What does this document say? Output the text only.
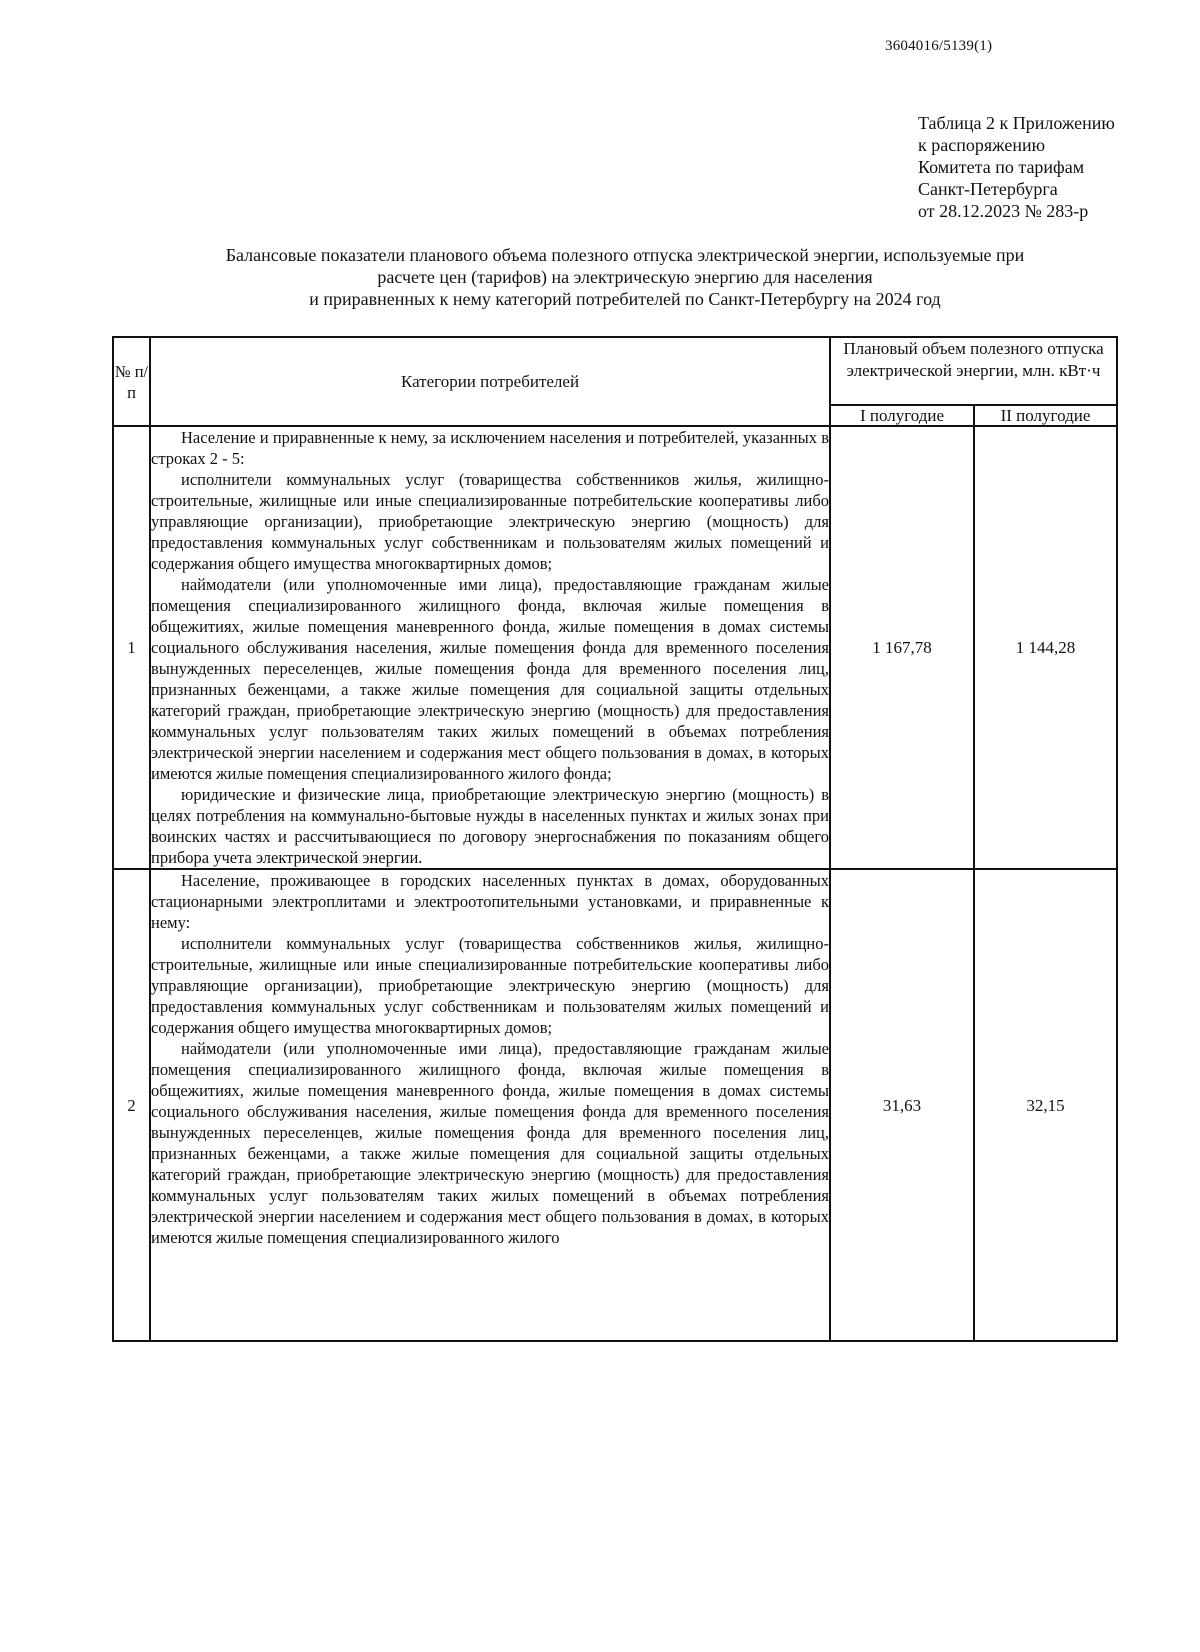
3604016/5139(1)
Таблица 2 к Приложению
к распоряжению
Комитета по тарифам
Санкт-Петербурга
от 28.12.2023 № 283-р
Балансовые показатели планового объема полезного отпуска электрической энергии, используемые при
расчете цен (тарифов) на электрическую энергию для населения
и приравненных к нему категорий потребителей по Санкт-Петербургу на 2024 год
№ п/п	Категории потребителей	Плановый объем полезного отпуска электрической энергии, млн. кВт·ч	
		I полугодие	II полугодие
1	Население и приравненные к нему, за исключением населения и потребителей, указанных в строках 2 - 5:
исполнители коммунальных услуг (товарищества собственников жилья, жилищно-строительные, жилищные или иные специализированные потребительские кооперативы либо управляющие организации), приобретающие электрическую энергию (мощность) для предоставления коммунальных услуг собственникам и пользователям жилых помещений и содержания общего имущества многоквартирных домов;
наймодатели (или уполномоченные ими лица), предоставляющие гражданам жилые помещения специализированного жилищного фонда, включая жилые помещения в общежитиях, жилые помещения маневренного фонда, жилые помещения в домах системы социального обслуживания населения, жилые помещения фонда для временного поселения вынужденных переселенцев, жилые помещения фонда для временного поселения лиц, признанных беженцами, а также жилые помещения для социальной защиты отдельных категорий граждан, приобретающие электрическую энергию (мощность) для предоставления коммунальных услуг пользователям таких жилых помещений в объемах потребления электрической энергии населением и содержания мест общего пользования в домах, в которых имеются жилые помещения специализированного жилого фонда;
юридические и физические лица, приобретающие электрическую энергию (мощность) в целях потребления на коммунально-бытовые нужды в населенных пунктах и жилых зонах при воинских частях и рассчитывающиеся по договору энергоснабжения по показаниям общего прибора учета электрической энергии.	1 167,78	1 144,28
2	Население, проживающее в городских населенных пунктах в домах, оборудованных стационарными электроплитами и электроотопительными установками, и приравненные к нему:
исполнители коммунальных услуг (товарищества собственников жилья, жилищно-строительные, жилищные или иные специализированные потребительские кооперативы либо управляющие организации), приобретающие электрическую энергию (мощность) для предоставления коммунальных услуг собственникам и пользователям жилых помещений и содержания общего имущества многоквартирных домов;
наймодатели (или уполномоченные ими лица), предоставляющие гражданам жилые помещения специализированного жилищного фонда, включая жилые помещения в общежитиях, жилые помещения маневренного фонда, жилые помещения в домах системы социального обслуживания населения, жилые помещения фонда для временного поселения вынужденных переселенцев, жилые помещения фонда для временного поселения лиц, признанных беженцами, а также жилые помещения для социальной защиты отдельных категорий граждан, приобретающие электрическую энергию (мощность) для предоставления коммунальных услуг пользователям таких жилых помещений в объемах потребления электрической энергии населением и содержания мест общего пользования в домах, в которых имеются жилые помещения специализированного жилого	31,63	32,15
